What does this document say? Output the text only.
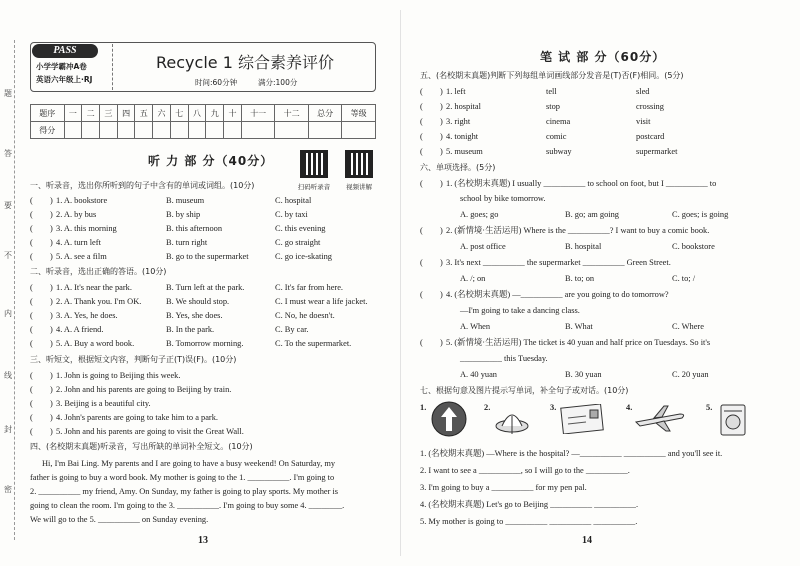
题
答
要
不
内
线
封
密
PASS
小学学霸冲A卷
英语六年级上·RJ
Recycle 1 综合素养评价
时间:60分钟	满分:100分
题序	一	二	三	四	五	六	七	八	九	十	十一	十二	总分	等级
得分														
听 力 部 分（40分）
扫码听录音	视频讲解
一、听录音，选出你所听到的句子中含有的单词或词组。(10分)
( ) 1. A. bookstore	B. museum	C. hospital
( ) 2. A. by bus	B. by ship	C. by taxi
( ) 3. A. this morning	B. this afternoon	C. this evening
( ) 4. A. turn left	B. turn right	C. go straight
( ) 5. A. see a film	B. go to the supermarket	C. go ice-skating
二、听录音，选出正确的答语。(10分)
( ) 1. A. It's near the park.	B. Turn left at the park.	C. It's far from here.
( ) 2. A. Thank you. I'm OK.	B. We should stop.	C. I must wear a life jacket.
( ) 3. A. Yes, he does.	B. Yes, she does.	C. No, he doesn't.
( ) 4. A. A friend.	B. In the park.	C. By car.
( ) 5. A. Buy a word book.	B. Tomorrow morning.	C. To the supermarket.
三、听短文，根据短文内容，判断句子正(T)误(F)。(10分)
( ) 1. John is going to Beijing this week.
( ) 2. John and his parents are going to Beijing by train.
( ) 3. Beijing is a beautiful city.
( ) 4. John's parents are going to take him to a park.
( ) 5. John and his parents are going to visit the Great Wall.
四、(名校期末真题)听录音，写出所缺的单词补全短文。(10分)
Hi, I'm Bai Ling. My parents and I are going to have a busy weekend! On Saturday, my
father is going to buy a word book. My mother is going to the 1. __________. I'm going to
2. __________ my friend, Amy. On Sunday, my father is going to play sports. My mother is
going to clean the room. I'm going to the 3. __________. I'm going to buy some 4. ________.
We will go to the 5. __________ on Sunday evening.
13
笔 试 部 分（60分）
五、(名校期末真题)判断下列每组单词画线部分发音是(T)否(F)相同。(5分)
( ) 1. left	tell	sled
( ) 2. hospital	stop	crossing
( ) 3. right	cinema	visit
( ) 4. tonight	comic	postcard
( ) 5. museum	subway	supermarket
六、单项选择。(5分)
( ) 1. (名校期末真题) I usually __________ to school on foot, but I __________ to
school by bike tomorrow.
A. goes; go	B. go; am going	C. goes; is going
( ) 2. (新情境·生活运用) Where is the __________? I want to buy a comic book.
A. post office	B. hospital	C. bookstore
( ) 3. It's next __________ the supermarket __________ Green Street.
A. /; on	B. to; on	C. to; /
( ) 4. (名校期末真题) —__________ are you going to do tomorrow?
—I'm going to take a dancing class.
A. When	B. What	C. Where
( ) 5. (新情境·生活运用) The ticket is 40 yuan and half price on Tuesdays. So it's
__________ this Tuesday.
A. 40 yuan	B. 30 yuan	C. 20 yuan
七、根据句意及图片提示写单词，补全句子或对话。(10分)
1.	2.	3.	4.	5.
1. (名校期末真题) —Where is the hospital? —__________ __________ and you'll see it.
2. I want to see a __________, so I will go to the __________.
3. I'm going to buy a __________ for my pen pal.
4. (名校期末真题) Let's go to Beijing __________ __________.
5. My mother is going to __________ __________ __________.
14
